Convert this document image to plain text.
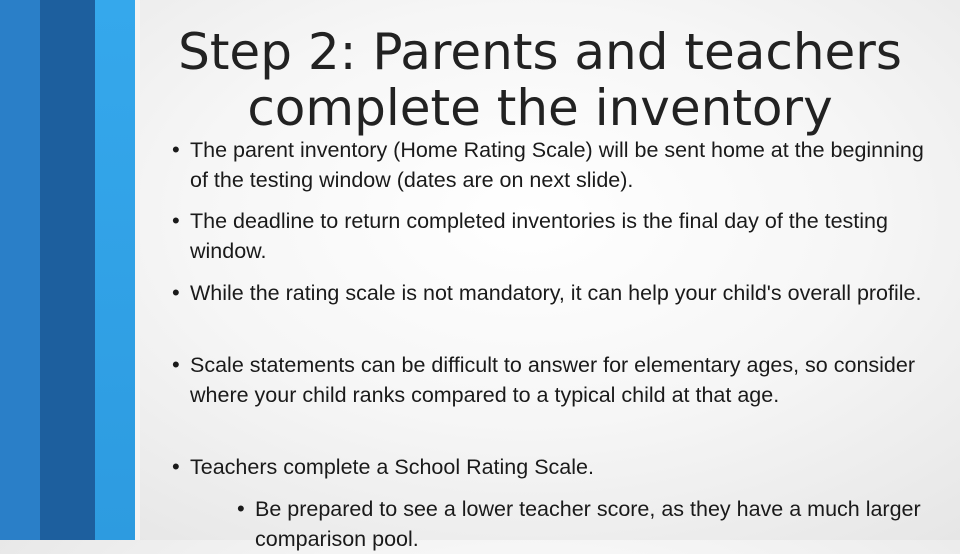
Step 2: Parents and teachers complete the inventory

• The parent inventory (Home Rating Scale) will be sent home at the beginning of the testing window (dates are on next slide).

• The deadline to return completed inventories is the final day of the testing window.

• While the rating scale is not mandatory, it can help your child's overall profile.

• Scale statements can be difficult to answer for elementary ages, so consider where your child ranks compared to a typical child at that age.

• Teachers complete a School Rating Scale.

• Be prepared to see a lower teacher score, as they have a much larger comparison pool.
